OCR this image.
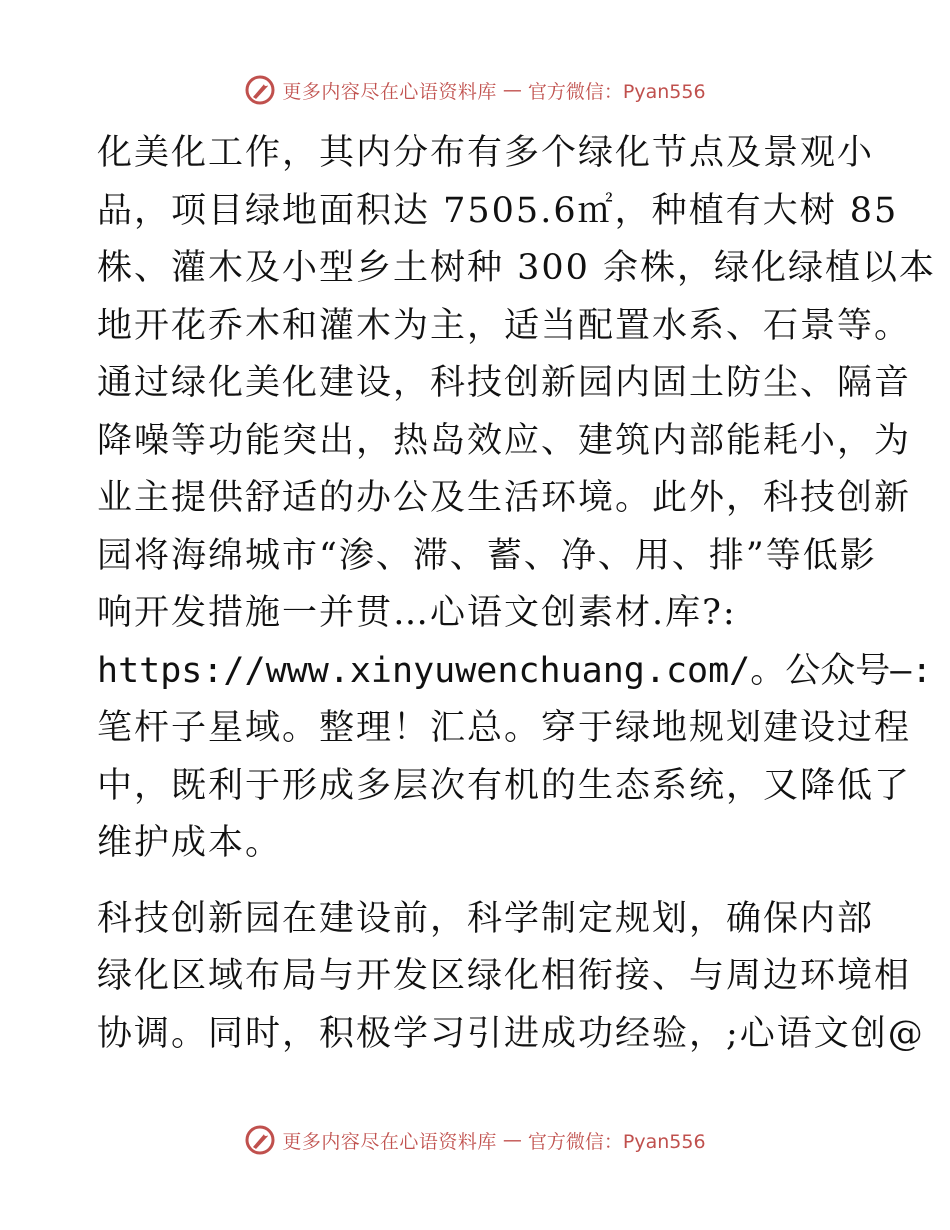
更多内容尽在心语资料库 — 官方微信：Pyan556
化美化工作，其内分布有多个绿化节点及景观小
品，项目绿地面积达 7505.6㎡，种植有大树 85
株、灌木及小型乡土树种 300 余株，绿化绿植以本
地开花乔木和灌木为主，适当配置水系、石景等。
通过绿化美化建设，科技创新园内固土防尘、隔音
降噪等功能突出，热岛效应、建筑内部能耗小，为
业主提供舒适的办公及生活环境。此外，科技创新
园将海绵城市“渗、滞、蓄、净、用、排”等低影
响开发措施一并贯…心语文创素材.库?:
https://www.xinyuwenchuang.com/。公众号—:
笔杆子星域。整理！汇总。穿于绿地规划建设过程
中，既利于形成多层次有机的生态系统，又降低了
维护成本。
科技创新园在建设前，科学制定规划，确保内部
绿化区域布局与开发区绿化相衔接、与周边环境相
协调。同时，积极学习引进成功经验，;心语文创@
更多内容尽在心语资料库 — 官方微信：Pyan556
